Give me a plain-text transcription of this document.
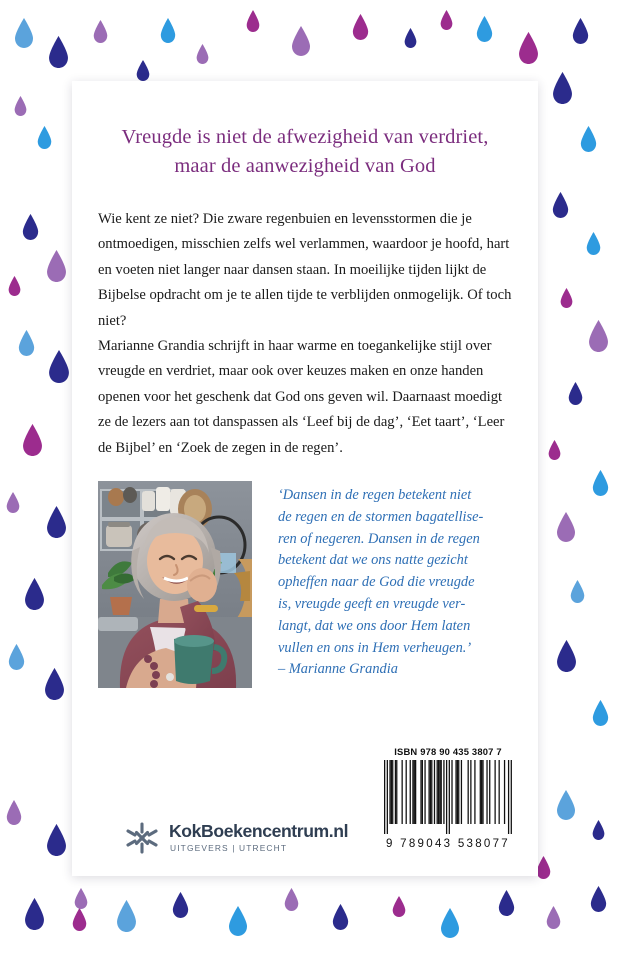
Vreugde is niet de afwezigheid van verdriet,
maar de aanwezigheid van God

Wie kent ze niet? Die zware regenbuien en levensstormen die je ontmoedigen, misschien zelfs wel verlammen, waardoor je hoofd, hart en voeten niet langer naar dansen staan. In moeilijke tijden lijkt de Bijbelse opdracht om je te allen tijde te verblijden onmogelijk. Of toch niet?

Marianne Grandia schrijft in haar warme en toegankelijke stijl over vreugde en verdriet, maar ook over keuzes maken en onze handen openen voor het geschenk dat God ons geven wil. Daarnaast moedigt ze de lezers aan tot danspassen als ‘Leef bij de dag’, ‘Eet taart’, ‘Leer de Bijbel’ en ‘Zoek de zegen in de regen’.

‘Dansen in de regen betekent niet
de regen en de stormen bagatellise-
ren of negeren. Dansen in de regen
betekent dat we ons natte gezicht
opheffen naar de God die vreugde
is, vreugde geeft en vreugde ver-
langt, dat we ons door Hem laten
vullen en ons in Hem verheugen.’
– Marianne Grandia
ISBN 978 90 435 3807 7
9 789043 538077
KokBoekencentrum.nl
UITGEVERS | UTRECHT
